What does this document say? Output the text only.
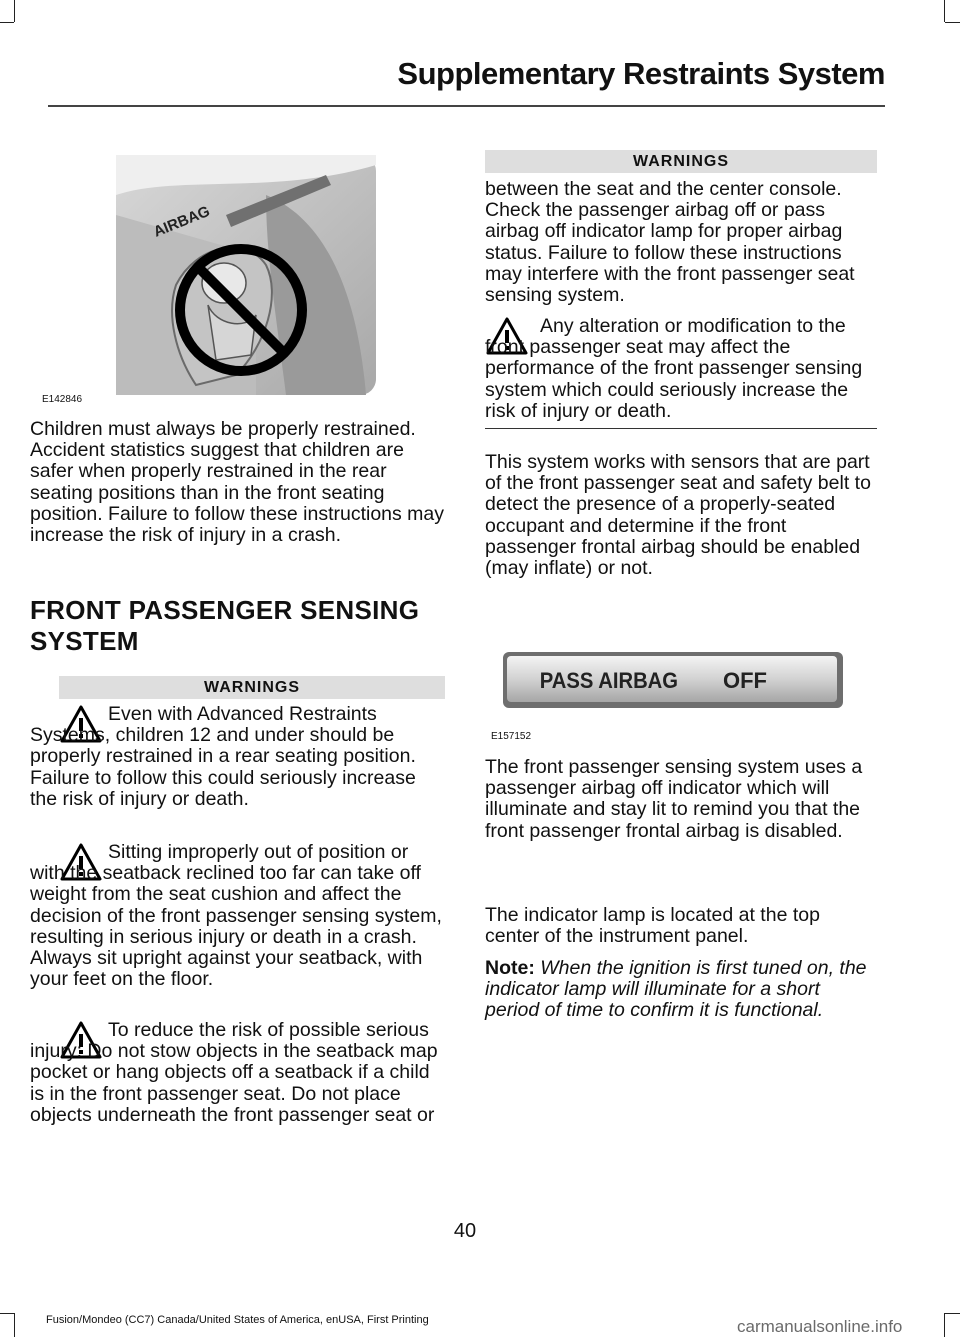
Supplementary Restraints System
AIRBAG
E142846

Children must always be properly restrained. Accident statistics suggest that children are safer when properly restrained in the rear seating positions than in the front seating position. Failure to follow these instructions may increase the risk of injury in a crash.

FRONT PASSENGER SENSING

SYSTEM

WARNINGS

Even with Advanced Restraints Systems, children 12 and under should be properly restrained in a rear seating position. Failure to follow this could seriously increase the risk of injury or death.

Sitting improperly out of position or with the seatback reclined too far can take off weight from the seat cushion and affect the decision of the front passenger sensing system, resulting in serious injury or death in a crash. Always sit upright against your seatback, with your feet on the floor.

To reduce the risk of possible serious injury: Do not stow objects in the seatback map pocket or hang objects off a seatback if a child is in the front passenger seat. Do not place objects underneath the front passenger seat or

WARNINGS

between the seat and the center console. Check the passenger airbag off or pass airbag off indicator lamp for proper airbag status. Failure to follow these instructions may interfere with the front passenger seat sensing system.

Any alteration or modification to the front passenger seat may affect the performance of the front passenger sensing system which could seriously increase the risk of injury or death.

This system works with sensors that are part of the front passenger seat and safety belt to detect the presence of a properly-seated occupant and determine if the front passenger frontal airbag should be enabled (may inflate) or not.

PASS AIRBAG OFF
E157152

The front passenger sensing system uses a passenger airbag off indicator which will illuminate and stay lit to remind you that the front passenger frontal airbag is disabled.

The indicator lamp is located at the top center of the instrument panel.

Note: When the ignition is first tuned on, the indicator lamp will illuminate for a short period of time to confirm it is functional.

40
Fusion/Mondeo (CC7) Canada/United States of America, enUSA, First Printing	carmanualsonline.info
